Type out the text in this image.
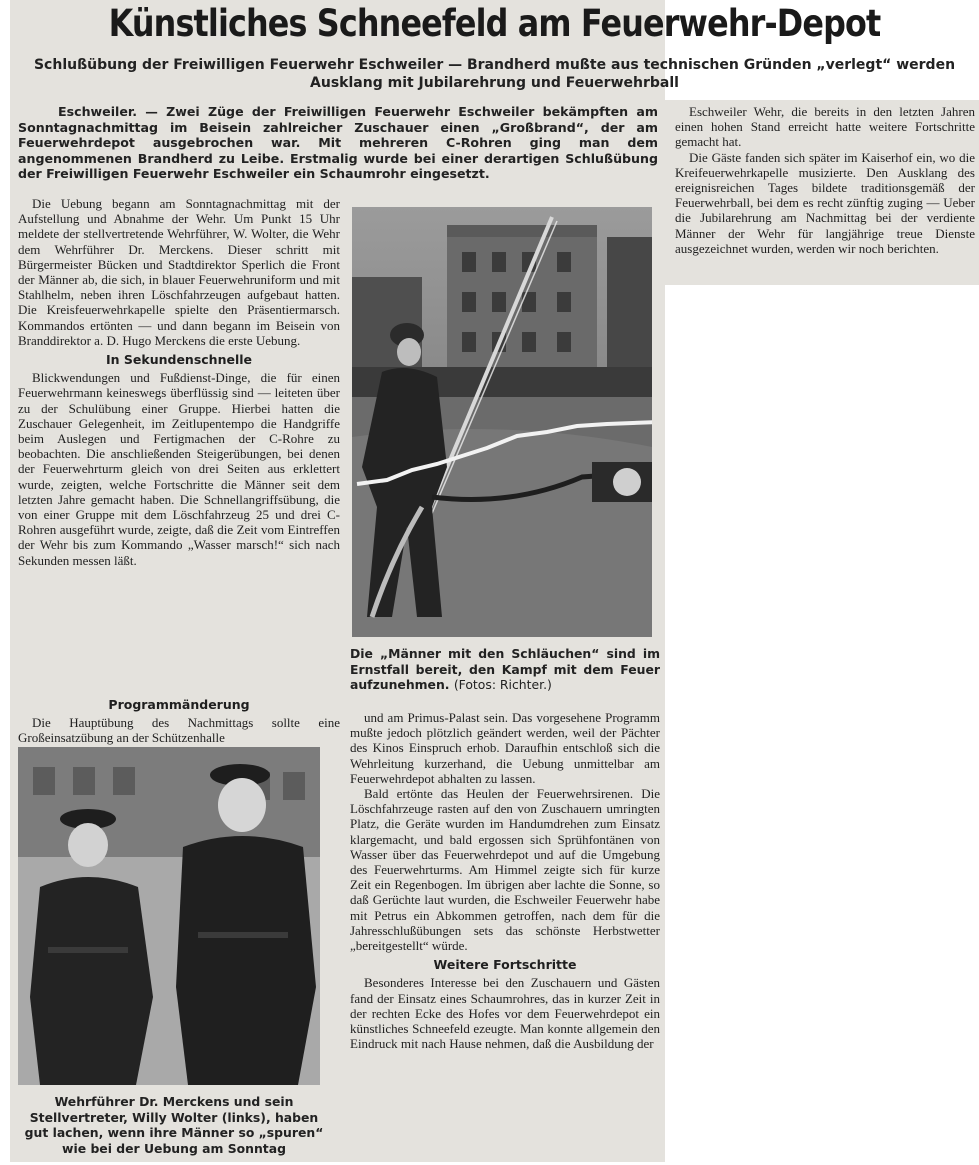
Künstliches Schneefeld am Feuerwehr-Depot
Schlußübung der Freiwilligen Feuerwehr Eschweiler — Brandherd mußte aus technischen Gründen „verlegt“ werden
Ausklang mit Jubilarehrung und Feuerwehrball

Eschweiler. — Zwei Züge der Freiwilligen Feuerwehr Eschweiler bekämpften am Sonntagnachmittag im Beisein zahlreicher Zuschauer einen „Großbrand“, der am Feuerwehrdepot ausgebrochen war. Mit mehreren C-Rohren ging man dem angenommenen Brandherd zu Leibe. Erstmalig wurde bei einer derartigen Schlußübung der Freiwilligen Feuerwehr Eschweiler ein Schaumrohr eingesetzt.

Die Uebung begann am Sonntagnachmittag mit der Aufstellung und Abnahme der Wehr. Um Punkt 15 Uhr meldete der stellvertretende Wehrführer, W. Wolter, die Wehr dem Wehrführer Dr. Merckens. Dieser schritt mit Bürgermeister Bücken und Stadtdirektor Sperlich die Front der Männer ab, die sich, in blauer Feuerwehruniform und mit Stahlhelm, neben ihren Löschfahrzeugen aufgebaut hatten. Die Kreisfeuerwehrkapelle spielte den Präsentiermarsch. Kommandos ertönten — und dann begann im Beisein von Branddirektor a. D. Hugo Merckens die erste Uebung.

In Sekundenschnelle

Blickwendungen und Fußdienst-Dinge, die für einen Feuerwehrmann keineswegs überflüssig sind — leiteten über zu der Schulübung einer Gruppe. Hierbei hatten die Zuschauer Gelegenheit, im Zeitlupentempo die Handgriffe beim Auslegen und Fertigmachen der C-Rohre zu beobachten. Die anschließenden Steigerübungen, bei denen der Feuerwehrturm gleich von drei Seiten aus erklettert wurde, zeigten, welche Fortschritte die Männer seit dem letzten Jahre gemacht haben. Die Schnellangriffsübung, die von einer Gruppe mit dem Löschfahrzeug 25 und drei C-Rohren ausgeführt wurde, zeigte, daß die Zeit vom Eintreffen der Wehr bis zum Kommando „Wasser marsch!“ sich nach Sekunden messen läßt.

Programmänderung

Die Hauptübung des Nachmittags sollte eine Großeinsatzübung an der Schützenhalle

Die „Männer mit den Schläuchen“ sind im Ernstfall bereit, den Kampf mit dem Feuer aufzunehmen. (Fotos: Richter.)

und am Primus-Palast sein. Das vorgesehene Programm mußte jedoch plötzlich geändert werden, weil der Pächter des Kinos Einspruch erhob. Daraufhin entschloß sich die Wehrleitung kurzerhand, die Uebung unmittelbar am Feuerwehrdepot abhalten zu lassen.

Bald ertönte das Heulen der Feuerwehrsirenen. Die Löschfahrzeuge rasten auf den von Zuschauern umringten Platz, die Geräte wurden im Handumdrehen zum Einsatz klargemacht, und bald ergossen sich Sprühfontänen von Wasser über das Feuerwehrdepot und auf die Umgebung des Feuerwehrturms. Am Himmel zeigte sich für kurze Zeit ein Regenbogen. Im übrigen aber lachte die Sonne, so daß Gerüchte laut wurden, die Eschweiler Feuerwehr habe mit Petrus ein Abkommen getroffen, nach dem für die Jahresschlußübungen sets das schönste Herbstwetter „bereitgestellt“ würde.

Weitere Fortschritte

Besonderes Interesse bei den Zuschauern und Gästen fand der Einsatz eines Schaumrohres, das in kurzer Zeit in der rechten Ecke des Hofes vor dem Feuerwehrdepot ein künstliches Schneefeld ezeugte. Man konnte allgemein den Eindruck mit nach Hause nehmen, daß die Ausbildung der

Wehrführer Dr. Merckens und sein Stellvertreter, Willy Wolter (links), haben gut lachen, wenn ihre Männer so „spuren“ wie bei der Uebung am Sonntag

Eschweiler Wehr, die bereits in den letzten Jahren einen hohen Stand erreicht hatte weitere Fortschritte gemacht hat.

Die Gäste fanden sich später im Kaiserhof ein, wo die Kreifeuerwehrkapelle musizierte. Den Ausklang des ereignisreichen Tages bildete traditionsgemäß der Feuerwehrball, bei dem es recht zünftig zuging — Ueber die Jubilarehrung am Nachmittag bei der verdiente Männer der Wehr für langjährige treue Dienste ausgezeichnet wurden, werden wir noch berichten.
